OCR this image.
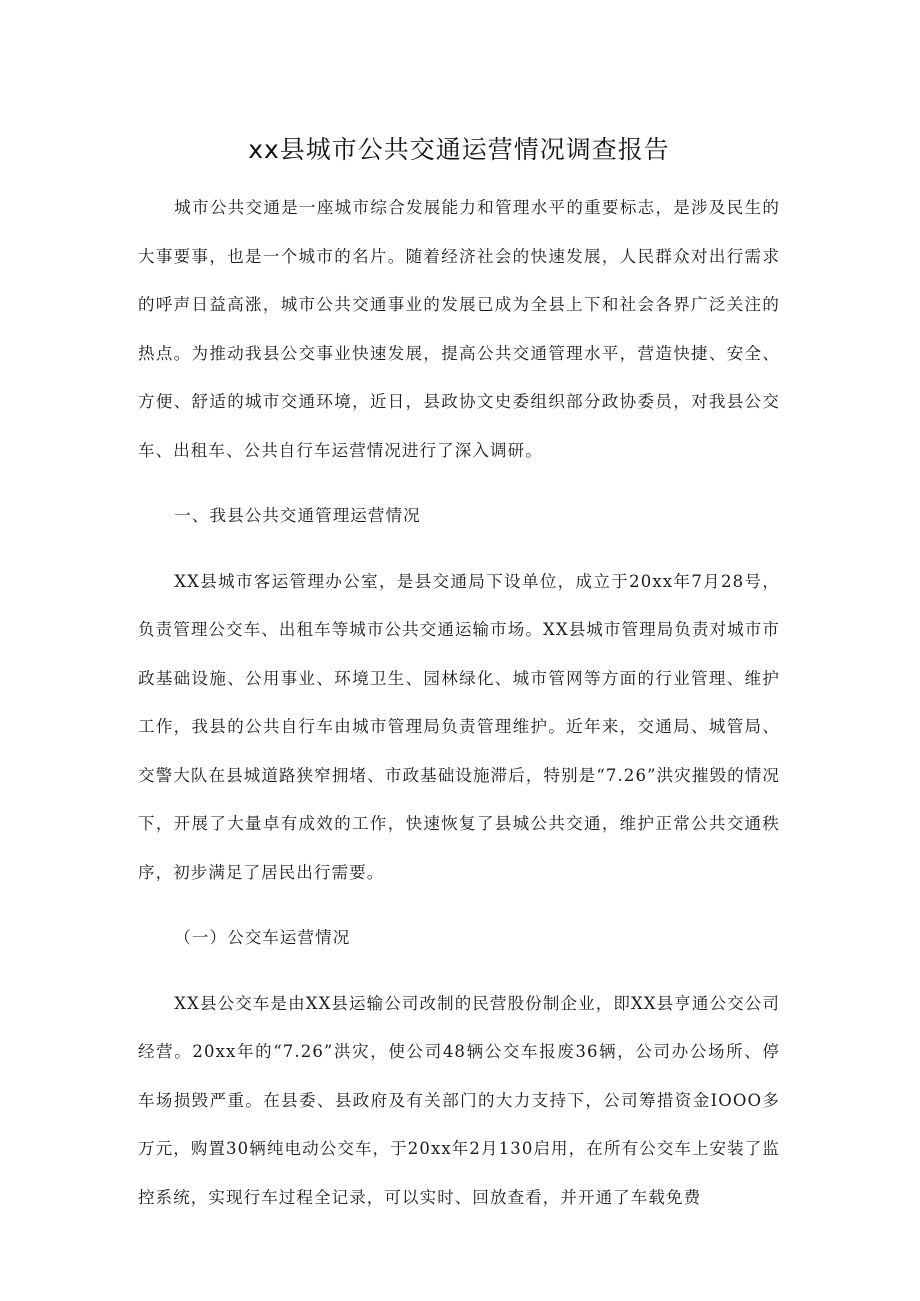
xx县城市公共交通运营情况调查报告

城市公共交通是一座城市综合发展能力和管理水平的重要标志，是涉及民生的大事要事，也是一个城市的名片。随着经济社会的快速发展，人民群众对出行需求的呼声日益高涨，城市公共交通事业的发展已成为全县上下和社会各界广泛关注的热点。为推动我县公交事业快速发展，提高公共交通管理水平，营造快捷、安全、方便、舒适的城市交通环境，近日，县政协文史委组织部分政协委员，对我县公交车、出租车、公共自行车运营情况进行了深入调研。

一、我县公共交通管理运营情况

XX县城市客运管理办公室，是县交通局下设单位，成立于20xx年7月28号，负责管理公交车、出租车等城市公共交通运输市场。XX县城市管理局负责对城市市政基础设施、公用事业、环境卫生、园林绿化、城市管网等方面的行业管理、维护工作，我县的公共自行车由城市管理局负责管理维护。近年来，交通局、城管局、交警大队在县城道路狭窄拥堵、市政基础设施滞后，特别是“7.26”洪灾摧毁的情况下，开展了大量卓有成效的工作，快速恢复了县城公共交通，维护正常公共交通秩序，初步满足了居民出行需要。

（一）公交车运营情况

XX县公交车是由XX县运输公司改制的民营股份制企业，即XX县亨通公交公司经营。20xx年的“7.26”洪灾，使公司48辆公交车报废36辆，公司办公场所、停车场损毁严重。在县委、县政府及有关部门的大力支持下，公司筹措资金IOOO多万元，购置30辆纯电动公交车，于20xx年2月130启用，在所有公交车上安装了监控系统，实现行车过程全记录，可以实时、回放查看，并开通了车载免费
